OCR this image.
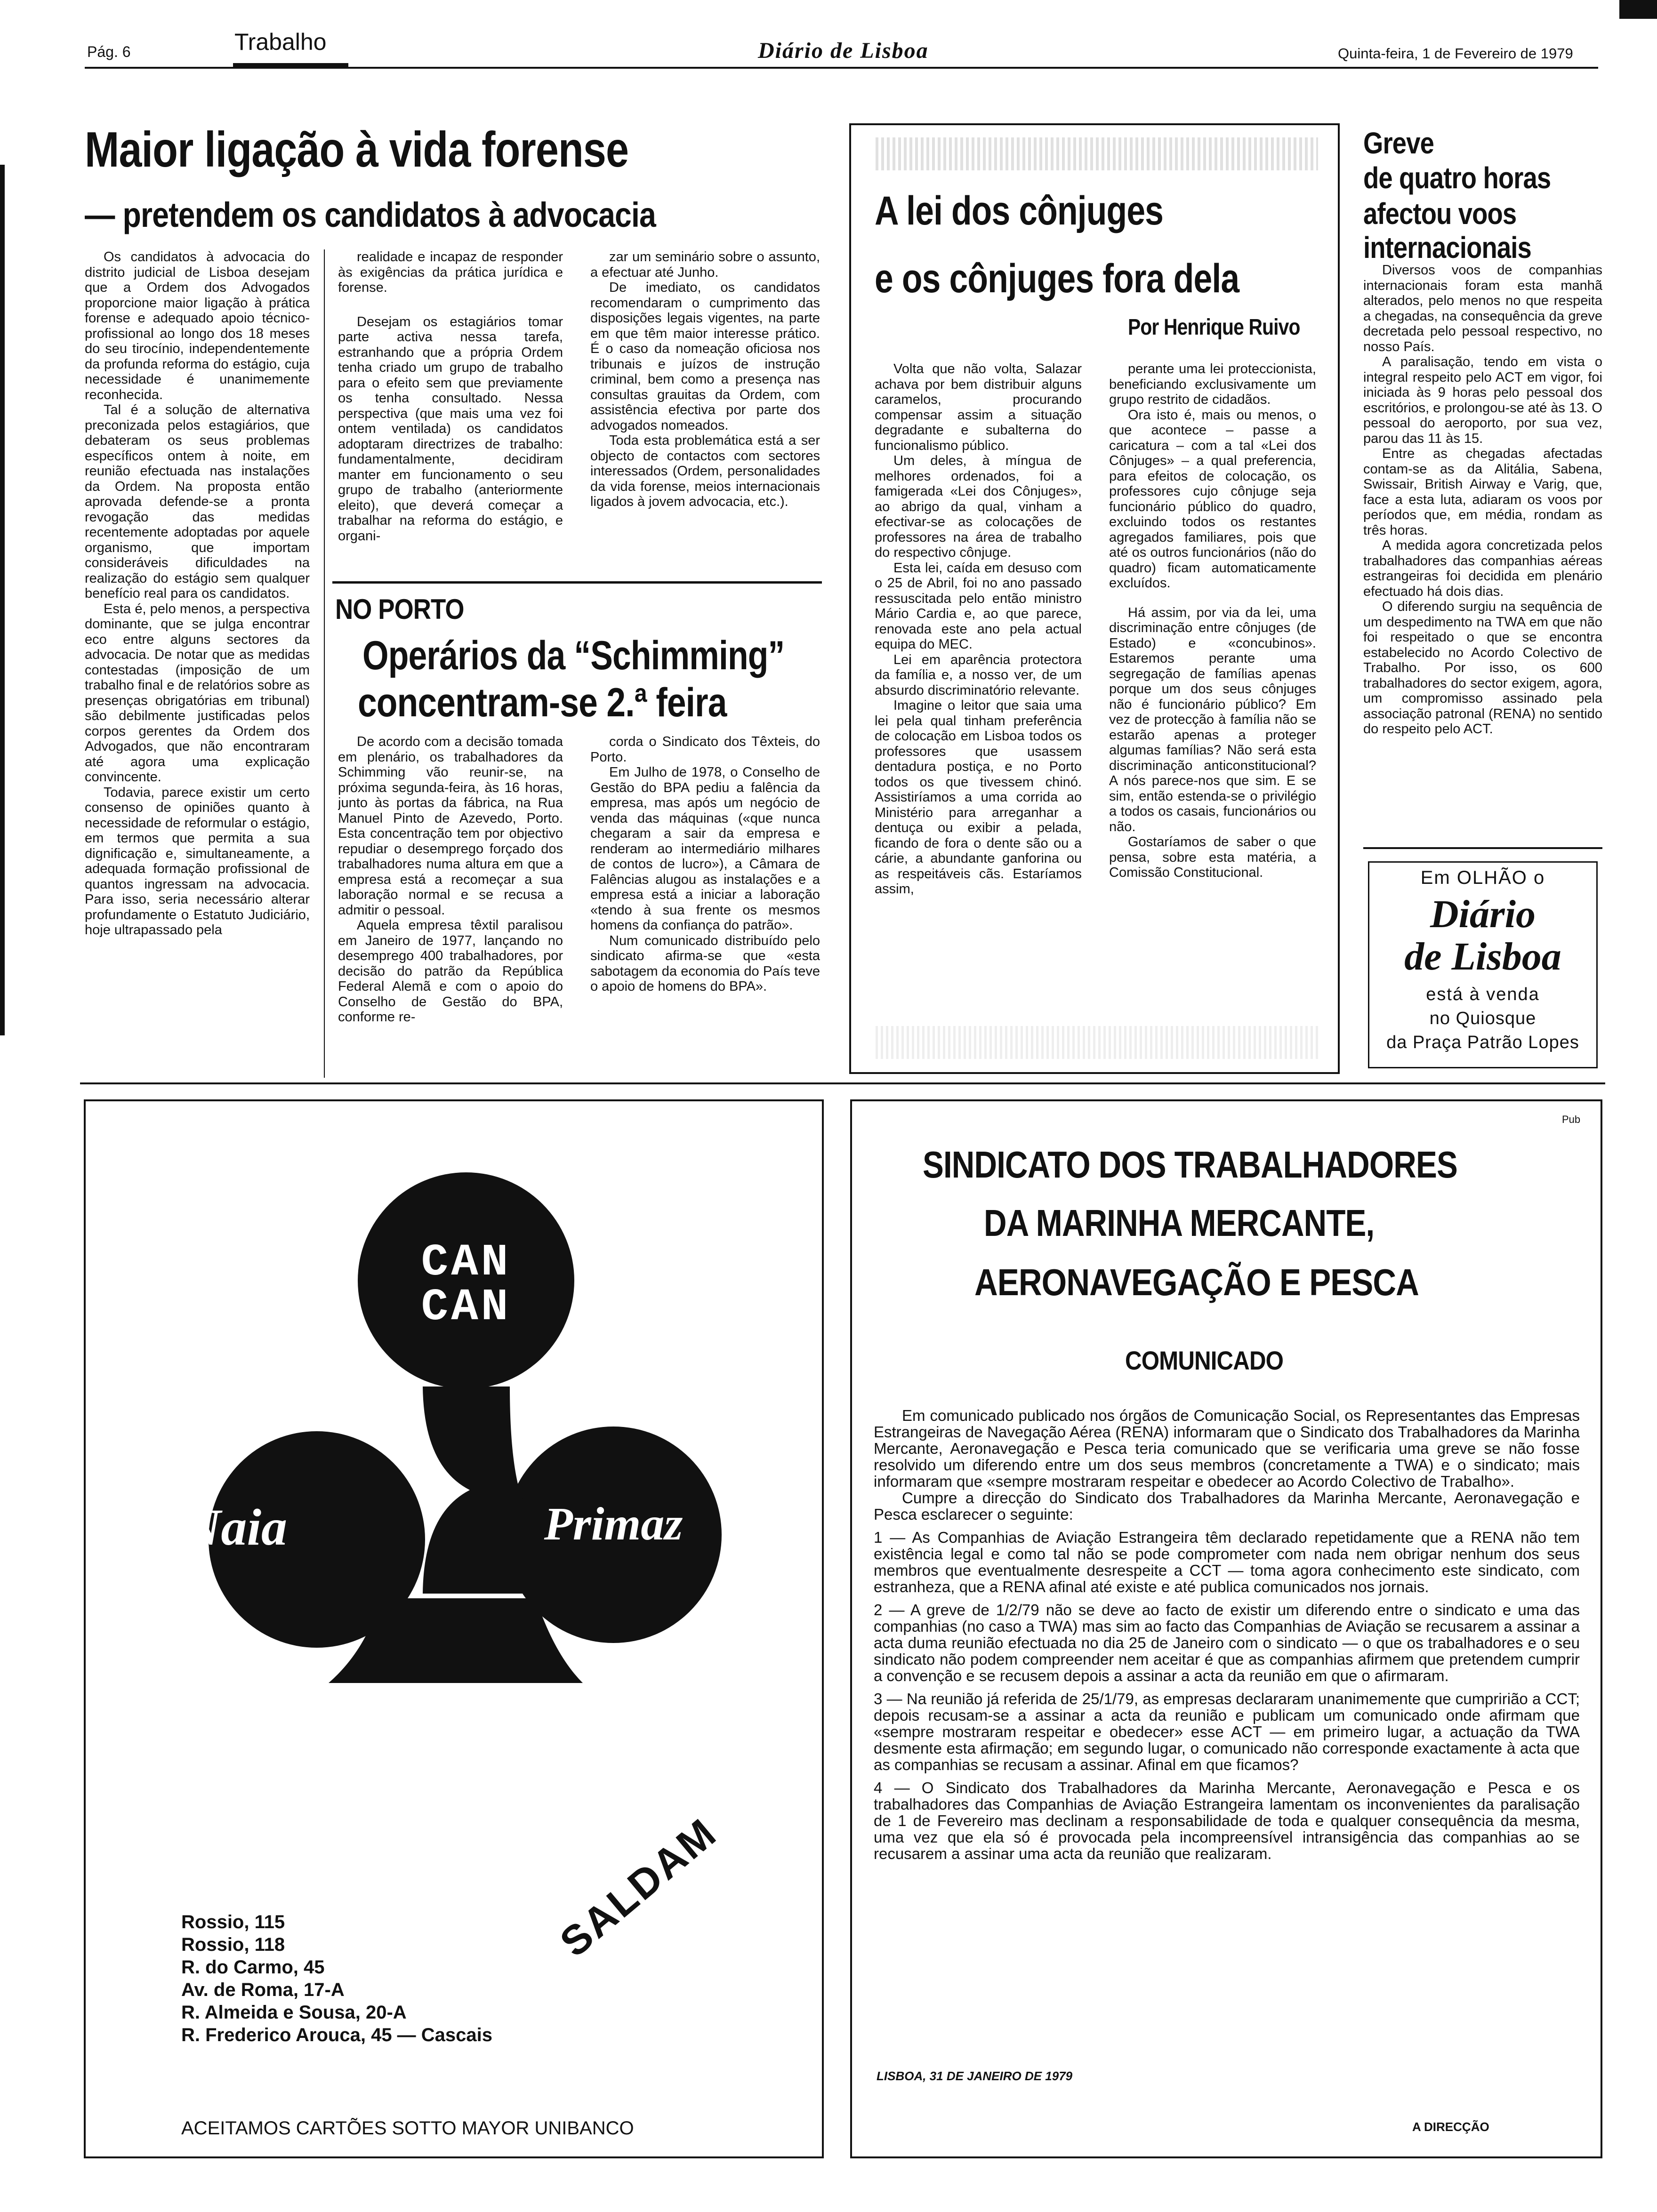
Pág. 6	Trabalho	Diário de Lisboa	Quinta-feira, 1 de Fevereiro de 1979
Maior ligação à vida forense
— pretendem os candidatos à advocacia

Os candidatos à advocacia do distrito judicial de Lisboa desejam que a Ordem dos Advogados proporcione maior ligação à prática forense e adequado apoio técnico-profissional ao longo dos 18 meses do seu tirocínio, independentemente da profunda reforma do estágio, cuja necessidade é unanimemente reconhecida.

Tal é a solução de alternativa preconizada pelos estagiários, que debateram os seus problemas específicos ontem à noite, em reunião efectuada nas instalações da Ordem. Na proposta então aprovada defende-se a pronta revogação das medidas recentemente adoptadas por aquele organismo, que importam consideráveis dificuldades na realização do estágio sem qualquer benefício real para os candidatos.

Esta é, pelo menos, a perspectiva dominante, que se julga encontrar eco entre alguns sectores da advocacia. De notar que as medidas contestadas (imposição de um trabalho final e de relatórios sobre as presenças obrigatórias em tribunal) são debilmente justificadas pelos corpos gerentes da Ordem dos Advogados, que não encontraram até agora uma explicação convincente.

Todavia, parece existir um certo consenso de opiniões quanto à necessidade de reformular o estágio, em termos que permita a sua dignificação e, simultaneamente, a adequada formação profissional de quantos ingressam na advocacia. Para isso, seria necessário alterar profundamente o Estatuto Judiciário, hoje ultrapassado pela

realidade e incapaz de responder às exigências da prática jurídica e forense.

Desejam os estagiários tomar parte activa nessa tarefa, estranhando que a própria Ordem tenha criado um grupo de trabalho para o efeito sem que previamente os tenha consultado. Nessa perspectiva (que mais uma vez foi ontem ventilada) os candidatos adoptaram directrizes de trabalho: fundamentalmente, decidiram manter em funcionamento o seu grupo de trabalho (anteriormente eleito), que deverá começar a trabalhar na reforma do estágio, e organi-

zar um seminário sobre o assunto, a efectuar até Junho.

De imediato, os candidatos recomendaram o cumprimento das disposições legais vigentes, na parte em que têm maior interesse prático. É o caso da nomeação oficiosa nos tribunais e juízos de instrução criminal, bem como a presença nas consultas grauitas da Ordem, com assistência efectiva por parte dos advogados nomeados.

Toda esta problemática está a ser objecto de contactos com sectores interessados (Ordem, personalidades da vida forense, meios internacionais ligados à jovem advocacia, etc.).

NO PORTO
Operários da “Schimming”
concentram-se 2.ª feira

De acordo com a decisão tomada em plenário, os trabalhadores da Schimming vão reunir-se, na próxima segunda-feira, às 16 horas, junto às portas da fábrica, na Rua Manuel Pinto de Azevedo, Porto. Esta concentração tem por objectivo repudiar o desemprego forçado dos trabalhadores numa altura em que a empresa está a recomeçar a sua laboração normal e se recusa a admitir o pessoal.

Aquela empresa têxtil paralisou em Janeiro de 1977, lançando no desemprego 400 trabalhadores, por decisão do patrão da República Federal Alemã e com o apoio do Conselho de Gestão do BPA, conforme re-

corda o Sindicato dos Têxteis, do Porto.

Em Julho de 1978, o Conselho de Gestão do BPA pediu a falência da empresa, mas após um negócio de venda das máquinas («que nunca chegaram a sair da empresa e renderam ao intermediário milhares de contos de lucro»), a Câmara de Falências alugou as instalações e a empresa está a iniciar a laboração «tendo à sua frente os mesmos homens da confiança do patrão».

Num comunicado distribuído pelo sindicato afirma-se que «esta sabotagem da economia do País teve o apoio de homens do BPA».

A lei dos cônjuges
e os cônjuges fora dela
Por Henrique Ruivo

Volta que não volta, Salazar achava por bem distribuir alguns caramelos, procurando compensar assim a situação degradante e subalterna do funcionalismo público.

Um deles, à míngua de melhores ordenados, foi a famigerada «Lei dos Cônjuges», ao abrigo da qual, vinham a efectivar-se as colocações de professores na área de trabalho do respectivo cônjuge.

Esta lei, caída em desuso com o 25 de Abril, foi no ano passado ressuscitada pelo então ministro Mário Cardia e, ao que parece, renovada este ano pela actual equipa do MEC.

Lei em aparência protectora da família e, a nosso ver, de um absurdo discriminatório relevante.

Imagine o leitor que saia uma lei pela qual tinham preferência de colocação em Lisboa todos os professores que usassem dentadura postiça, e no Porto todos os que tivessem chinó. Assistiríamos a uma corrida ao Ministério para arreganhar a dentuça ou exibir a pelada, ficando de fora o dente são ou a cárie, a abundante ganforina ou as respeitáveis cãs. Estaríamos assim,

perante uma lei proteccionista, beneficiando exclusivamente um grupo restrito de cidadãos.

Ora isto é, mais ou menos, o que acontece – passe a caricatura – com a tal «Lei dos Cônjuges» – a qual preferencia, para efeitos de colocação, os professores cujo cônjuge seja funcionário público do quadro, excluindo todos os restantes agregados familiares, pois que até os outros funcionários (não do quadro) ficam automaticamente excluídos.

Há assim, por via da lei, uma discriminação entre cônjuges (de Estado) e «concubinos». Estaremos perante uma segregação de famílias apenas porque um dos seus cônjuges não é funcionário público? Em vez de protecção à família não se estarão apenas a proteger algumas famílias? Não será esta discriminação anticonstitucional? A nós parece-nos que sim. E se sim, então estenda-se o privilégio a todos os casais, funcionários ou não.

Gostaríamos de saber o que pensa, sobre esta matéria, a Comissão Constitucional.

Greve
de quatro horas
afectou voos
internacionais

Diversos voos de companhias internacionais foram esta manhã alterados, pelo menos no que respeita a chegadas, na consequência da greve decretada pelo pessoal respectivo, no nosso País.

A paralisação, tendo em vista o integral respeito pelo ACT em vigor, foi iniciada às 9 horas pelo pessoal dos escritórios, e prolongou-se até às 13. O pessoal do aeroporto, por sua vez, parou das 11 às 15.

Entre as chegadas afectadas contam-se as da Alitália, Sabena, Swissair, British Airway e Varig, que, face a esta luta, adiaram os voos por períodos que, em média, rondam as três horas.

A medida agora concretizada pelos trabalhadores das companhias aéreas estrangeiras foi decidida em plenário efectuado há dois dias.

O diferendo surgiu na sequência de um despedimento na TWA em que não foi respeitado o que se encontra estabelecido no Acordo Colectivo de Trabalho. Por isso, os 600 trabalhadores do sector exigem, agora, um compromisso assinado pela associação patronal (RENA) no sentido do respeito pelo ACT.

Em OLHÃO o
Diário
de Lisboa
está à venda
no Quiosque
da Praça Patrão Lopes
CAN
CAN
Naia	Primaz
SALDAM
Rossio, 115
Rossio, 118
R. do Carmo, 45
Av. de Roma, 17-A
R. Almeida e Sousa, 20-A
R. Frederico Arouca, 45 — Cascais
ACEITAMOS CARTÕES SOTTO MAYOR UNIBANCO
Pub
SINDICATO DOS TRABALHADORES
DA MARINHA MERCANTE,
AERONAVEGAÇÃO E PESCA
COMUNICADO

Em comunicado publicado nos órgãos de Comunicação Social, os Representantes das Empresas Estrangeiras de Navegação Aérea (RENA) informaram que o Sindicato dos Trabalhadores da Marinha Mercante, Aeronavegação e Pesca teria comunicado que se verificaria uma greve se não fosse resolvido um diferendo entre um dos seus membros (concretamente a TWA) e o sindicato; mais informaram que «sempre mostraram respeitar e obedecer ao Acordo Colectivo de Trabalho».

Cumpre a direcção do Sindicato dos Trabalhadores da Marinha Mercante, Aeronavegação e Pesca esclarecer o seguinte:

1 — As Companhias de Aviação Estrangeira têm declarado repetidamente que a RENA não tem existência legal e como tal não se pode comprometer com nada nem obrigar nenhum dos seus membros que eventualmente desrespeite a CCT — toma agora conhecimento este sindicato, com estranheza, que a RENA afinal até existe e até publica comunicados nos jornais.
2 — A greve de 1/2/79 não se deve ao facto de existir um diferendo entre o sindicato e uma das companhias (no caso a TWA) mas sim ao facto das Companhias de Aviação se recusarem a assinar a acta duma reunião efectuada no dia 25 de Janeiro com o sindicato — o que os trabalhadores e o seu sindicato não podem compreender nem aceitar é que as companhias afirmem que pretendem cumprir a convenção e se recusem depois a assinar a acta da reunião em que o afirmaram.
3 — Na reunião já referida de 25/1/79, as empresas declararam unanimemente que cumpririão a CCT; depois recusam-se a assinar a acta da reunião e publicam um comunicado onde afirmam que «sempre mostraram respeitar e obedecer» esse ACT — em primeiro lugar, a actuação da TWA desmente esta afirmação; em segundo lugar, o comunicado não corresponde exactamente à acta que as companhias se recusam a assinar. Afinal em que ficamos?
4 — O Sindicato dos Trabalhadores da Marinha Mercante, Aeronavegação e Pesca e os trabalhadores das Companhias de Aviação Estrangeira lamentam os inconvenientes da paralisação de 1 de Fevereiro mas declinam a responsabilidade de toda e qualquer consequência da mesma, uma vez que ela só é provocada pela incompreensível intransigência das companhias ao se recusarem a assinar uma acta da reunião que realizaram.
LISBOA, 31 DE JANEIRO DE 1979
A DIRECÇÃO
